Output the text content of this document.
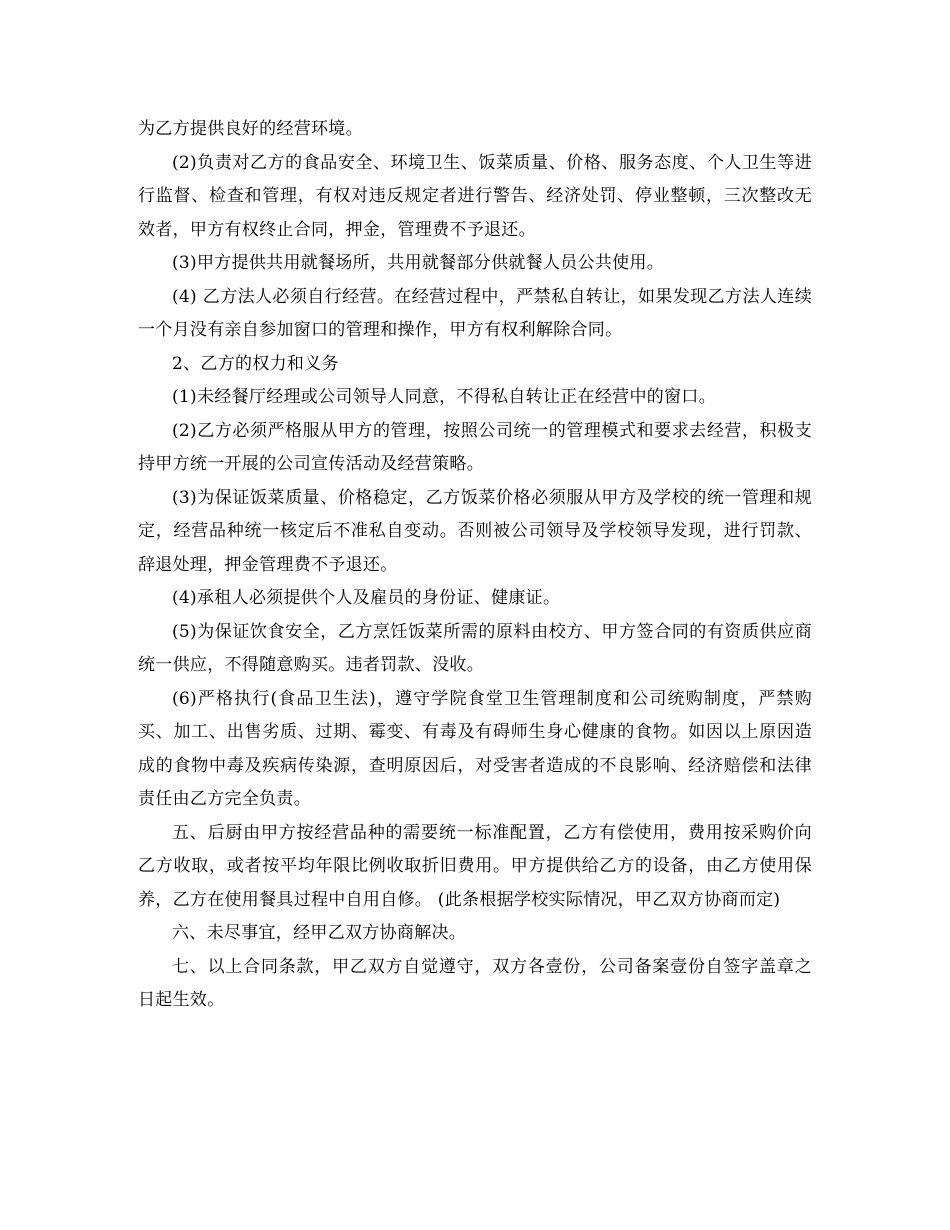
为乙方提供良好的经营环境。

(2)负责对乙方的食品安全、环境卫生、饭菜质量、价格、服务态度、个人卫生等进行监督、检查和管理，有权对违反规定者进行警告、经济处罚、停业整顿，三次整改无效者，甲方有权终止合同，押金，管理费不予退还。

(3)甲方提供共用就餐场所，共用就餐部分供就餐人员公共使用。

(4) 乙方法人必须自行经营。在经营过程中，严禁私自转让，如果发现乙方法人连续一个月没有亲自参加窗口的管理和操作，甲方有权利解除合同。

2、乙方的权力和义务

(1)未经餐厅经理或公司领导人同意，不得私自转让正在经营中的窗口。

(2)乙方必须严格服从甲方的管理，按照公司统一的管理模式和要求去经营，积极支持甲方统一开展的公司宣传活动及经营策略。

(3)为保证饭菜质量、价格稳定，乙方饭菜价格必须服从甲方及学校的统一管理和规定，经营品种统一核定后不准私自变动。否则被公司领导及学校领导发现，进行罚款、辞退处理，押金管理费不予退还。

(4)承租人必须提供个人及雇员的身份证、健康证。

(5)为保证饮食安全，乙方烹饪饭菜所需的原料由校方、甲方签合同的有资质供应商统一供应，不得随意购买。违者罚款、没收。

(6)严格执行(食品卫生法)，遵守学院食堂卫生管理制度和公司统购制度，严禁购买、加工、出售劣质、过期、霉变、有毒及有碍师生身心健康的食物。如因以上原因造成的食物中毒及疾病传染源，查明原因后，对受害者造成的不良影响、经济赔偿和法律责任由乙方完全负责。

五、后厨由甲方按经营品种的需要统一标准配置，乙方有偿使用，费用按采购价向乙方收取，或者按平均年限比例收取折旧费用。甲方提供给乙方的设备，由乙方使用保养，乙方在使用餐具过程中自用自修。 (此条根据学校实际情况，甲乙双方协商而定)

六、未尽事宜，经甲乙双方协商解决。

七、以上合同条款，甲乙双方自觉遵守，双方各壹份，公司备案壹份自签字盖章之日起生效。
